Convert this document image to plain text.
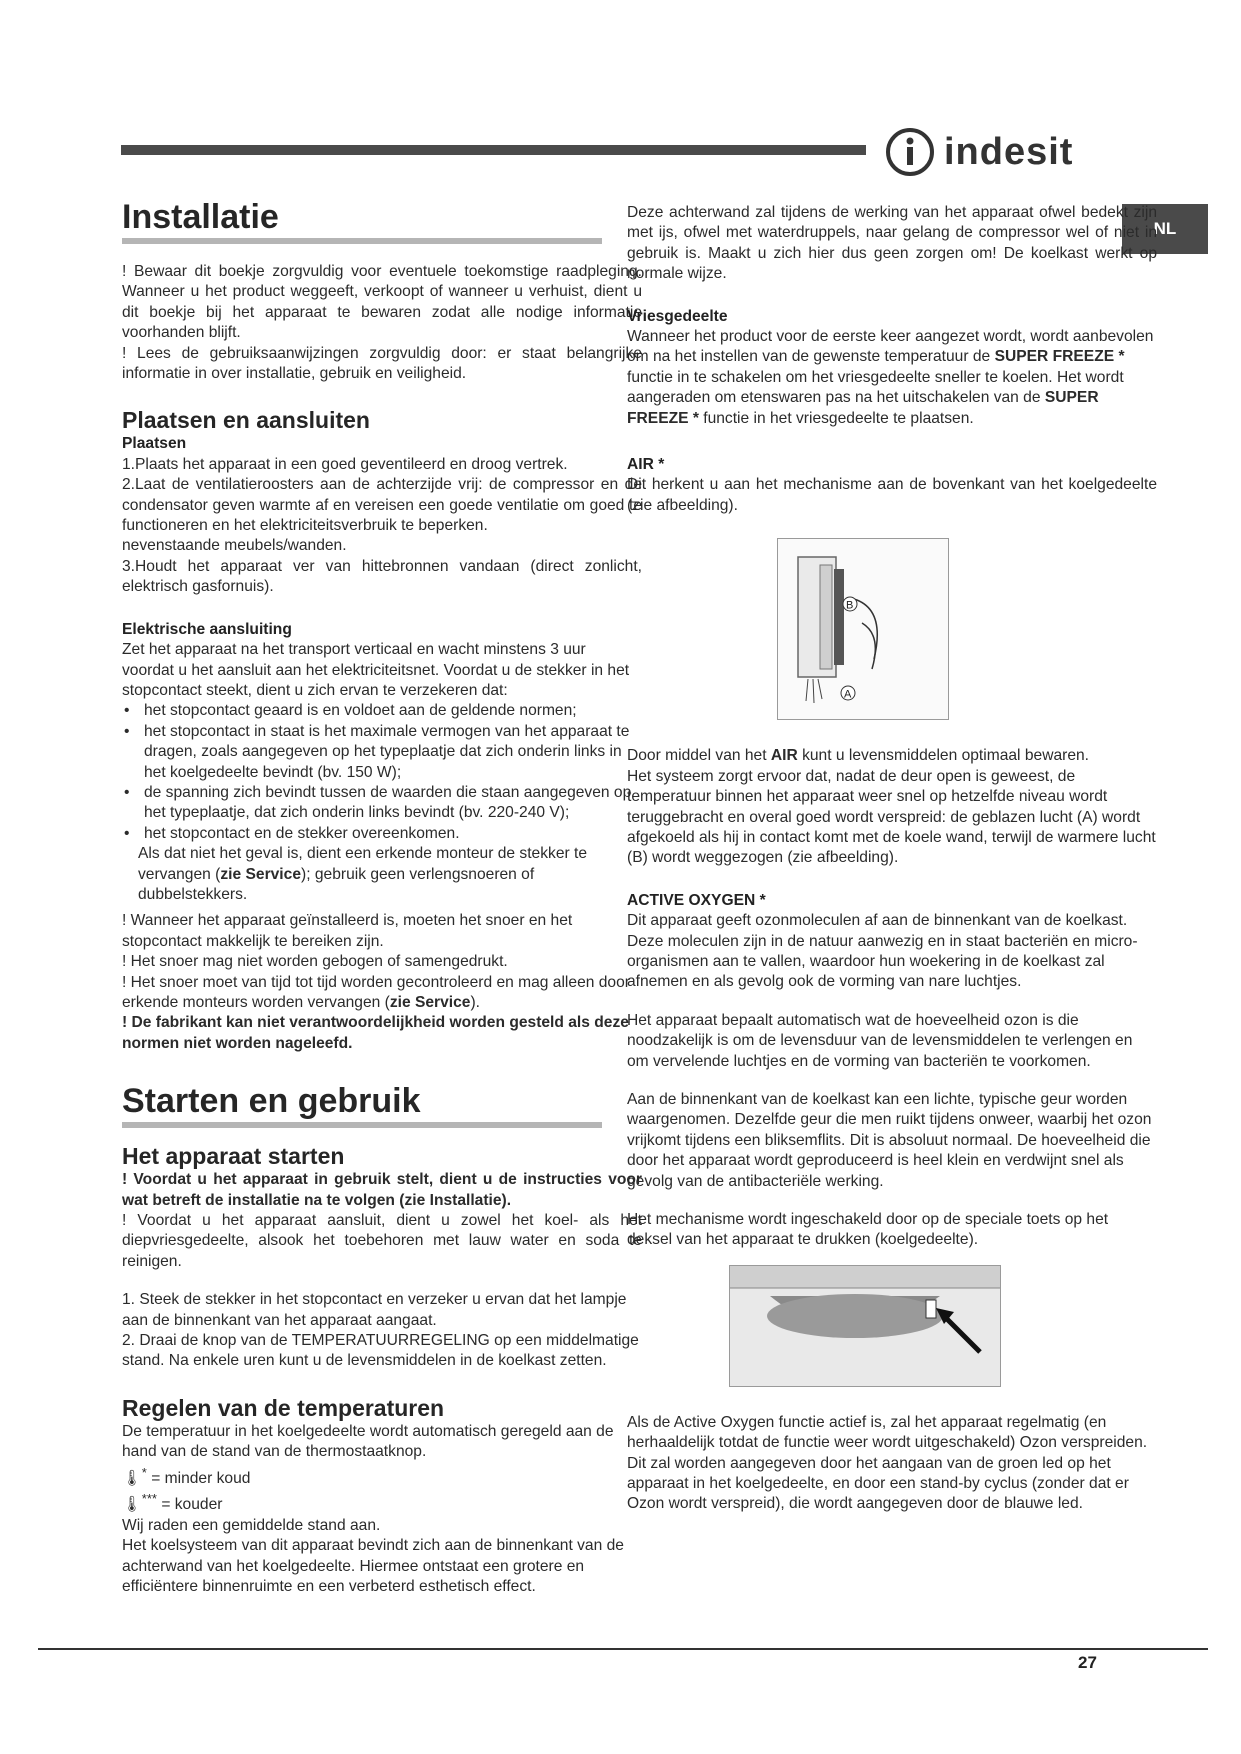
indesit
NL
Installatie

! Bewaar dit boekje zorgvuldig voor eventuele toekomstige raadpleging. Wanneer u het product weggeeft, verkoopt of wanneer u verhuist, dient u dit boekje bij het apparaat te bewaren zodat alle nodige informatie voorhanden blijft.

! Lees de gebruiksaanwijzingen zorgvuldig door: er staat belangrijke informatie in over installatie, gebruik en veiligheid.

Plaatsen en aansluiten
Plaatsen

1.Plaats het apparaat in een goed geventileerd en droog vertrek.

2.Laat de ventilatieroosters aan de achterzijde vrij: de compressor en de condensator geven warmte af en vereisen een goede ventilatie om goed te functioneren en het elektriciteitsverbruik te beperken.

nevenstaande meubels/wanden.

3.Houdt het apparaat ver van hittebronnen vandaan (direct zonlicht, elektrisch gasfornuis).

Elektrische aansluiting

Zet het apparaat na het transport verticaal en wacht minstens 3 uur voordat u het aansluit aan het elektriciteitsnet. Voordat u de stekker in het stopcontact steekt, dient u zich ervan te verzekeren dat:

• het stopcontact geaard is en voldoet aan de geldende normen;
• het stopcontact in staat is het maximale vermogen van het apparaat te dragen, zoals aangegeven op het typeplaatje dat zich onderin links in het koelgedeelte bevindt (bv. 150 W);
• de spanning zich bevindt tussen de waarden die staan aangegeven op het typeplaatje, dat zich onderin links bevindt (bv. 220-240 V);
• het stopcontact en de stekker overeenkomen.

Als dat niet het geval is, dient een erkende monteur de stekker te vervangen (zie Service); gebruik geen verlengsnoeren of dubbelstekkers.

! Wanneer het apparaat geïnstalleerd is, moeten het snoer en het stopcontact makkelijk te bereiken zijn.

! Het snoer mag niet worden gebogen of samengedrukt.

! Het snoer moet van tijd tot tijd worden gecontroleerd en mag alleen door erkende monteurs worden vervangen (zie Service).

! De fabrikant kan niet verantwoordelijkheid worden gesteld als deze normen niet worden nageleefd.

Starten en gebruik
Het apparaat starten

! Voordat u het apparaat in gebruik stelt, dient u de instructies voor wat betreft de installatie na te volgen (zie Installatie).

! Voordat u het apparaat aansluit, dient u zowel het koel- als het diepvriesgedeelte, alsook het toebehoren met lauw water en soda te reinigen.

1. Steek de stekker in het stopcontact en verzeker u ervan dat het lampje aan de binnenkant van het apparaat aangaat.

2. Draai de knop van de TEMPERATUURREGELING op een middelmatige stand. Na enkele uren kunt u de levensmiddelen in de koelkast zetten.

Regelen van de temperaturen

De temperatuur in het koelgedeelte wordt automatisch geregeld aan de hand van de stand van de thermostaatknop.

🌡* = minder koud

🌡*** = kouder

Wij raden een gemiddelde stand aan.

Het koelsysteem van dit apparaat bevindt zich aan de binnenkant van de achterwand van het koelgedeelte. Hiermee ontstaat een grotere en efficiëntere binnenruimte en een verbeterd esthetisch effect.

Deze achterwand zal tijdens de werking van het apparaat ofwel bedekt zijn met ijs, ofwel met waterdruppels, naar gelang de compressor wel of niet in gebruik is. Maakt u zich hier dus geen zorgen om! De koelkast werkt op normale wijze.

Vriesgedeelte

Wanneer het product voor de eerste keer aangezet wordt, wordt aanbevolen om na het instellen van de gewenste temperatuur de SUPER FREEZE * functie in te schakelen om het vriesgedeelte sneller te koelen. Het wordt aangeraden om etenswaren pas na het uitschakelen van de SUPER FREEZE * functie in het vriesgedeelte te plaatsen.

AIR *

Dit herkent u aan het mechanisme aan de bovenkant van het koelgedeelte (zie afbeelding).

A
B

Door middel van het AIR kunt u levensmiddelen optimaal bewaren.

Het systeem zorgt ervoor dat, nadat de deur open is geweest, de temperatuur binnen het apparaat weer snel op hetzelfde niveau wordt teruggebracht en overal goed wordt verspreid: de geblazen lucht (A) wordt afgekoeld als hij in contact komt met de koele wand, terwijl de warmere lucht (B) wordt weggezogen (zie afbeelding).

ACTIVE OXYGEN *

Dit apparaat geeft ozonmoleculen af aan de binnenkant van de koelkast. Deze moleculen zijn in de natuur aanwezig en in staat bacteriën en micro-organismen aan te vallen, waardoor hun woekering in de koelkast zal afnemen en als gevolg ook de vorming van nare luchtjes.

Het apparaat bepaalt automatisch wat de hoeveelheid ozon is die noodzakelijk is om de levensduur van de levensmiddelen te verlengen en om vervelende luchtjes en de vorming van bacteriën te voorkomen.

Aan de binnenkant van de koelkast kan een lichte, typische geur worden waargenomen. Dezelfde geur die men ruikt tijdens onweer, waarbij het ozon vrijkomt tijdens een bliksemflits. Dit is absoluut normaal. De hoeveelheid die door het apparaat wordt geproduceerd is heel klein en verdwijnt snel als gevolg van de antibacteriële werking.

Het mechanisme wordt ingeschakeld door op de speciale toets op het deksel van het apparaat te drukken (koelgedeelte).

Als de Active Oxygen functie actief is, zal het apparaat regelmatig (en herhaaldelijk totdat de functie weer wordt uitgeschakeld) Ozon verspreiden. Dit zal worden aangegeven door het aangaan van de groen led op het apparaat in het koelgedeelte, en door een stand-by cyclus (zonder dat er Ozon wordt verspreid), die wordt aangegeven door de blauwe led.

27
